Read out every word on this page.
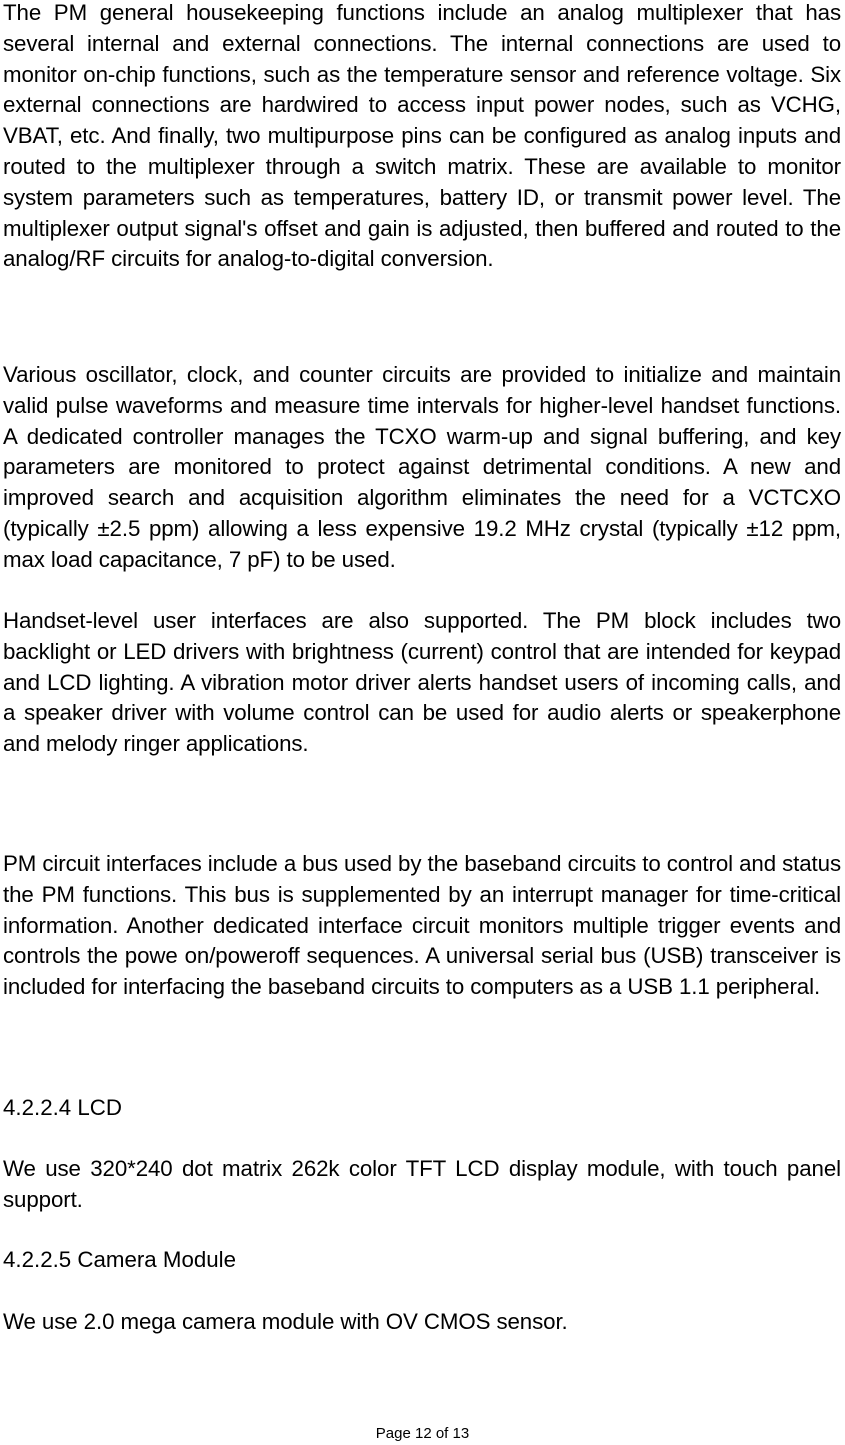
The PM general housekeeping functions include an analog multiplexer that has several internal and external connections. The internal connections are used to monitor on-chip functions, such as the temperature sensor and reference voltage. Six external connections are hardwired to access input power nodes, such as VCHG, VBAT, etc. And finally, two multipurpose pins can be configured as analog inputs and routed to the multiplexer through a switch matrix. These are available to monitor system parameters such as temperatures, battery ID, or transmit power level. The multiplexer output signal's offset and gain is adjusted, then buffered and routed to the analog/RF circuits for analog-to-digital conversion.

Various oscillator, clock, and counter circuits are provided to initialize and maintain valid pulse waveforms and measure time intervals for higher-level handset functions. A dedicated controller manages the TCXO warm-up and signal buffering, and key parameters are monitored to protect against detrimental conditions. A new and improved search and acquisition algorithm eliminates the need for a VCTCXO (typically ±2.5 ppm) allowing a less expensive 19.2 MHz crystal (typically ±12 ppm, max load capacitance, 7 pF) to be used.

Handset-level user interfaces are also supported. The PM block includes two backlight or LED drivers with brightness (current) control that are intended for keypad and LCD lighting. A vibration motor driver alerts handset users of incoming calls, and a speaker driver with volume control can be used for audio alerts or speakerphone and melody ringer applications.

PM circuit interfaces include a bus used by the baseband circuits to control and status the PM functions. This bus is supplemented by an interrupt manager for time-critical information. Another dedicated interface circuit monitors multiple trigger events and controls the powe on/poweroff sequences. A universal serial bus (USB) transceiver is included for interfacing the baseband circuits to computers as a USB 1.1 peripheral.

4.2.2.4 LCD

We use 320*240 dot matrix 262k color TFT LCD display module, with touch panel support.

4.2.2.5 Camera Module

We use 2.0 mega camera module with OV CMOS sensor.

Page 12 of 13
